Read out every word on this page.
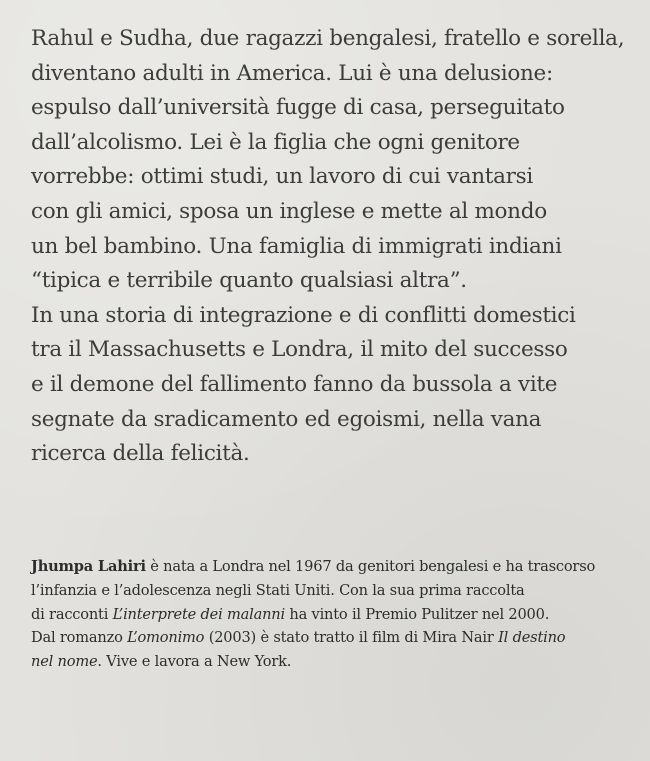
Rahul e Sudha, due ragazzi bengalesi, fratello e sorella,
diventano adulti in America. Lui è una delusione:
espulso dall’università fugge di casa, perseguitato
dall’alcolismo. Lei è la figlia che ogni genitore
vorrebbe: ottimi studi, un lavoro di cui vantarsi
con gli amici, sposa un inglese e mette al mondo
un bel bambino. Una famiglia di immigrati indiani
“tipica e terribile quanto qualsiasi altra”.
In una storia di integrazione e di conflitti domestici
tra il Massachusetts e Londra, il mito del successo
e il demone del fallimento fanno da bussola a vite
segnate da sradicamento ed egoismi, nella vana
ricerca della felicità.
Jhumpa Lahiri è nata a Londra nel 1967 da genitori bengalesi e ha trascorso
l’infanzia e l’adolescenza negli Stati Uniti. Con la sua prima raccolta
di racconti L’interprete dei malanni ha vinto il Premio Pulitzer nel 2000.
Dal romanzo L’omonimo (2003) è stato tratto il film di Mira Nair Il destino
nel nome. Vive e lavora a New York.
